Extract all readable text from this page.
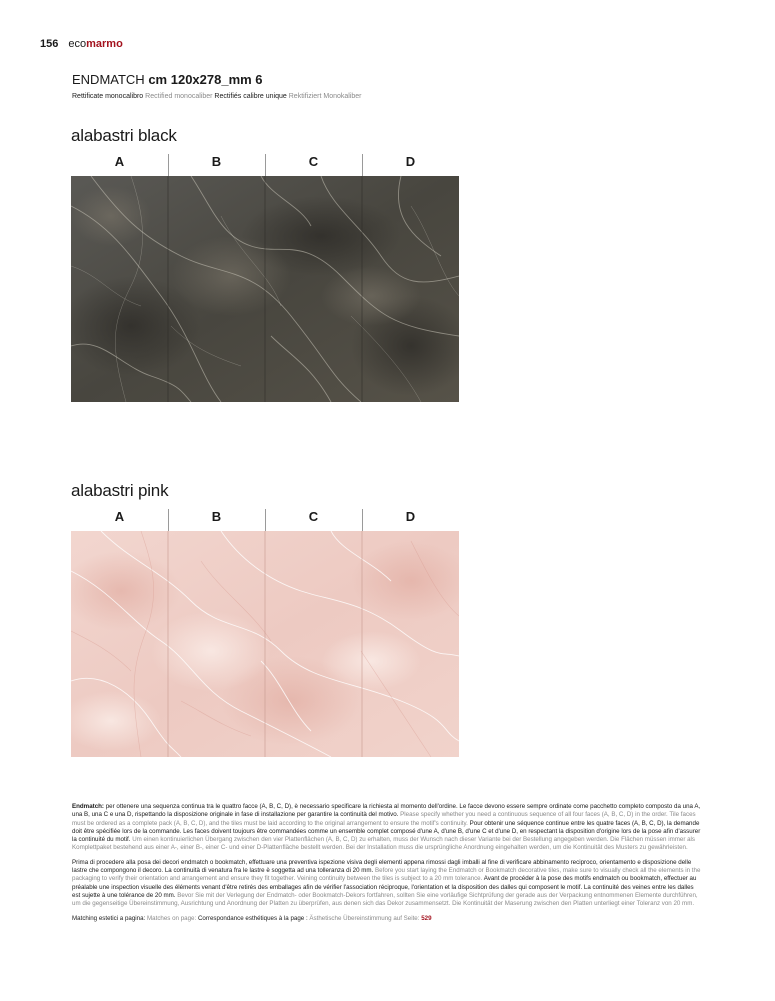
156 ecomarmo
ENDMATCH cm 120x278_mm 6
Rettificate monocalibro Rectified monocaliber Rectifiés calibre unique Rektifiziert Monokaliber
alabastri black
A	B	C	D
alabastri pink
A	B	C	D

Endmatch: per ottenere una sequenza continua tra le quattro facce (A, B, C, D), è necessario specificare la richiesta al momento dell'ordine. Le facce devono essere sempre ordinate come pacchetto completo composto da una A, una B, una C e una D, rispettando la disposizione originale in fase di installazione per garantire la continuità del motivo. Please specify whether you need a continuous sequence of all four faces (A, B, C, D) in the order. Tile faces must be ordered as a complete pack (A, B, C, D), and the tiles must be laid according to the original arrangement to ensure the motif's continuity. Pour obtenir une séquence continue entre les quatre faces (A, B, C, D), la demande doit être spécifiée lors de la commande. Les faces doivent toujours être commandées comme un ensemble complet composé d'une A, d'une B, d'une C et d'une D, en respectant la disposition d'origine lors de la pose afin d'assurer la continuité du motif. Um einen kontinuierlichen Übergang zwischen den vier Plattenflächen (A, B, C, D) zu erhalten, muss der Wunsch nach dieser Variante bei der Bestellung angegeben werden. Die Flächen müssen immer als Komplettpaket bestehend aus einer A-, einer B-, einer C- und einer D-Plattenfläche bestellt werden. Bei der Installation muss die ursprüngliche Anordnung eingehalten werden, um die Kontinuität des Musters zu gewährleisten.

Prima di procedere alla posa dei decori endmatch o bookmatch, effettuare una preventiva ispezione visiva degli elementi appena rimossi dagli imballi al fine di verificare abbinamento reciproco, orientamento e disposizione delle lastre che compongono il decoro. La continuità di venatura fra le lastre è soggetta ad una tolleranza di 20 mm. Before you start laying the Endmatch or Bookmatch decorative tiles, make sure to visually check all the elements in the packaging to verify their orientation and arrangement and ensure they fit together. Veining continuity between the tiles is subject to a 20 mm tolerance. Avant de procéder à la pose des motifs endmatch ou bookmatch, effectuer au préalable une inspection visuelle des éléments venant d'être retirés des emballages afin de vérifier l'association réciproque, l'orientation et la disposition des dalles qui composent le motif. La continuité des veines entre les dalles est sujette à une tolérance de 20 mm. Bevor Sie mit der Verlegung der Endmatch- oder Bookmatch-Dekors fortfahren, sollten Sie eine vorläufige Sichtprüfung der gerade aus der Verpackung entnommenen Elemente durchführen, um die gegenseitige Übereinstimmung, Ausrichtung und Anordnung der Platten zu überprüfen, aus denen sich das Dekor zusammensetzt. Die Kontinuität der Maserung zwischen den Platten unterliegt einer Toleranz von 20 mm.

Matching estetici a pagina: Matches on page: Correspondance esthétiques à la page : Ästhetische Übereinstimmung auf Seite: 529
